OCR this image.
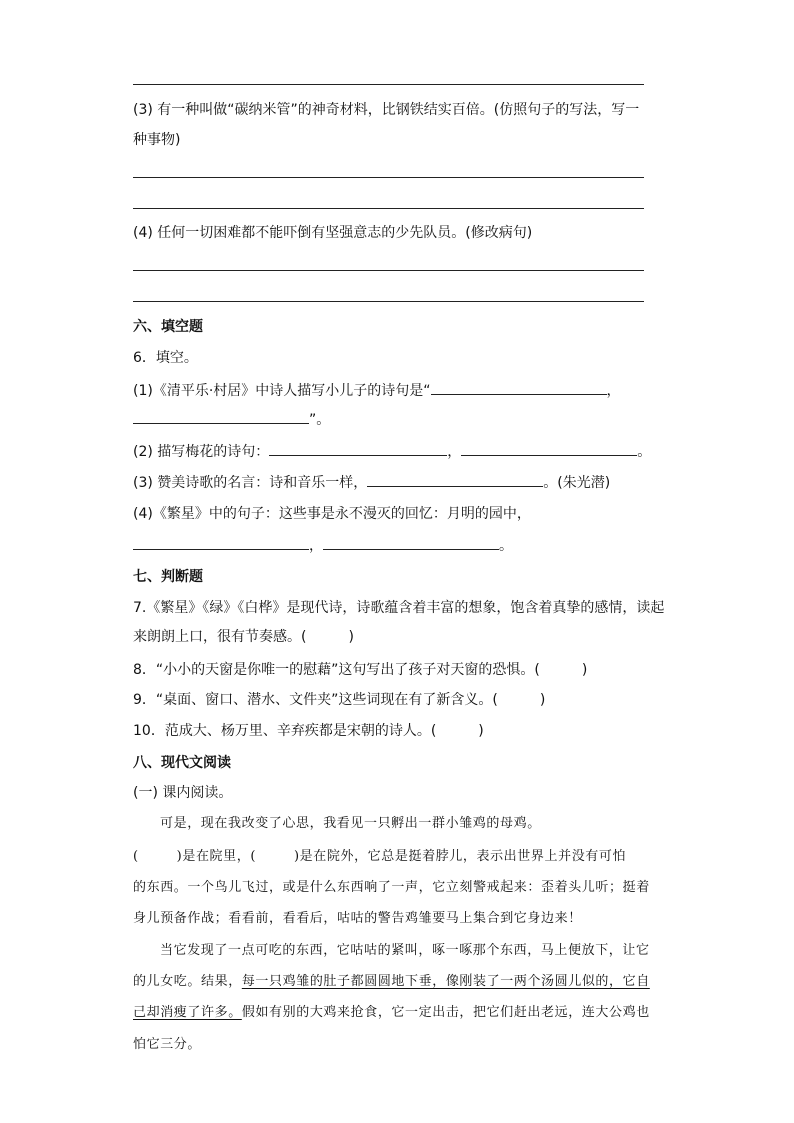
(3) 有一种叫做“碳纳米管”的神奇材料，比钢铁结实百倍。(仿照句子的写法，写一
种事物)
(4) 任何一切困难都不能吓倒有坚强意志的少先队员。(修改病句)
六、填空题
6．填空。
(1)《清平乐·村居》中诗人描写小儿子的诗句是“	，
”。
(2) 描写梅花的诗句：	，	。
(3) 赞美诗歌的名言：诗和音乐一样，	。(朱光潜)
(4)《繁星》中的句子：这些事是永不漫灭的回忆：月明的园中，
，	。
七、判断题
7.《繁星》《绿》《白桦》是现代诗，诗歌蕴含着丰富的想象，饱含着真挚的感情，读起
来朗朗上口，很有节奏感。(	)
8．“小小的天窗是你唯一的慰藉”这句写出了孩子对天窗的恐惧。(	)
9．“桌面、窗口、潜水、文件夹”这些词现在有了新含义。(	)
10．范成大、杨万里、辛弃疾都是宋朝的诗人。(	)
八、现代文阅读
(一) 课内阅读。
可是，现在我改变了心思，我看见一只孵出一群小雏鸡的母鸡。
(	)是在院里，(	)是在院外，它总是挺着脖儿，表示出世界上并没有可怕
的东西。一个鸟儿飞过，或是什么东西响了一声，它立刻警戒起来：歪着头儿听；挺着
身儿预备作战；看看前，看看后，咕咕的警告鸡雏要马上集合到它身边来！
当它发现了一点可吃的东西，它咕咕的紧叫，啄一啄那个东西，马上便放下，让它
的儿女吃。结果，每一只鸡雏的肚子都圆圆地下垂，像刚装了一两个汤圆儿似的，它自
己却消瘦了许多。假如有别的大鸡来抢食，它一定出击，把它们赶出老远，连大公鸡也
怕它三分。
